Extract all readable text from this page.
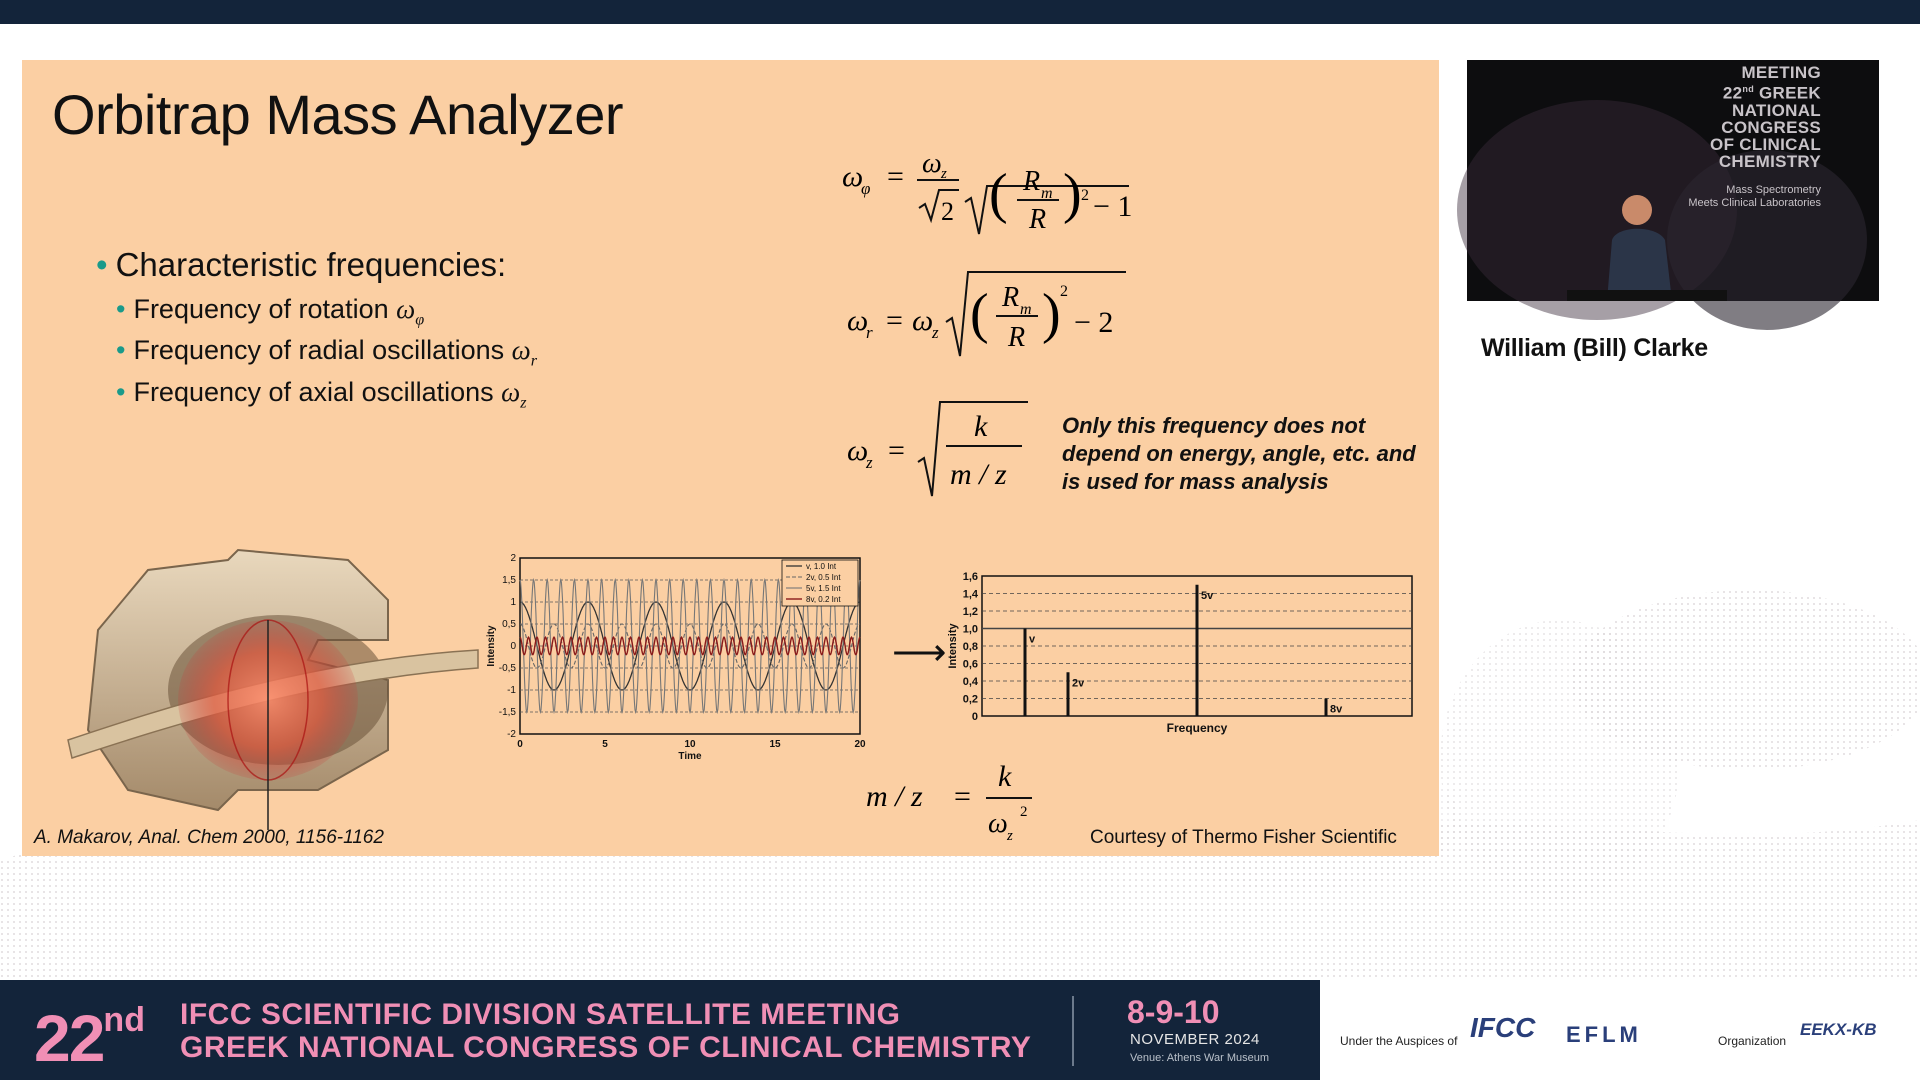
Orbitrap Mass Analyzer
• Characteristic frequencies:
• Frequency of rotation $\omega_\varphi$
• Frequency of radial oscillations $\omega_r$
• Frequency of axial oscillations $\omega_z$
ω
φ = ω z
2 ( R m
R ) 2 − 1
ω
r = ω
z ( R m
R ) 2
− 2
ω
z =
k
m / z
Only this frequency does not depend on energy, angle, etc. and is used for mass analysis
m / z =
k
ω z
2
2
1,5
1
0,5
0
-0,5
-1
-1,5
-2
0	5	10	15	20
Time
Intensity
v, 1.0 Int
2v, 0.5 Int
5v, 1.5 Int
8v, 0.2 Int
⟶
1,6
1,4
1,2
1,0
0,8
0,6
0,4
0,2
0
Intensity
Frequency
v
2v
5v
8v
A. Makarov, Anal. Chem 2000, 1156-1162	Courtesy of Thermo Fisher Scientific
MEETING
22nd GREEK
NATIONAL
CONGRESS
OF CLINICAL
CHEMISTRY
Mass Spectrometry
Meets Clinical Laboratories
William (Bill) Clarke
22nd IFCC SCIENTIFIC DIVISION SATELLITE MEETING
GREEK NATIONAL CONGRESS OF CLINICAL CHEMISTRY
8-9-10
NOVEMBER 2024
Venue: Athens War Museum
Under the Auspices of IFCC EFLM	Organization
EEKX-KB
